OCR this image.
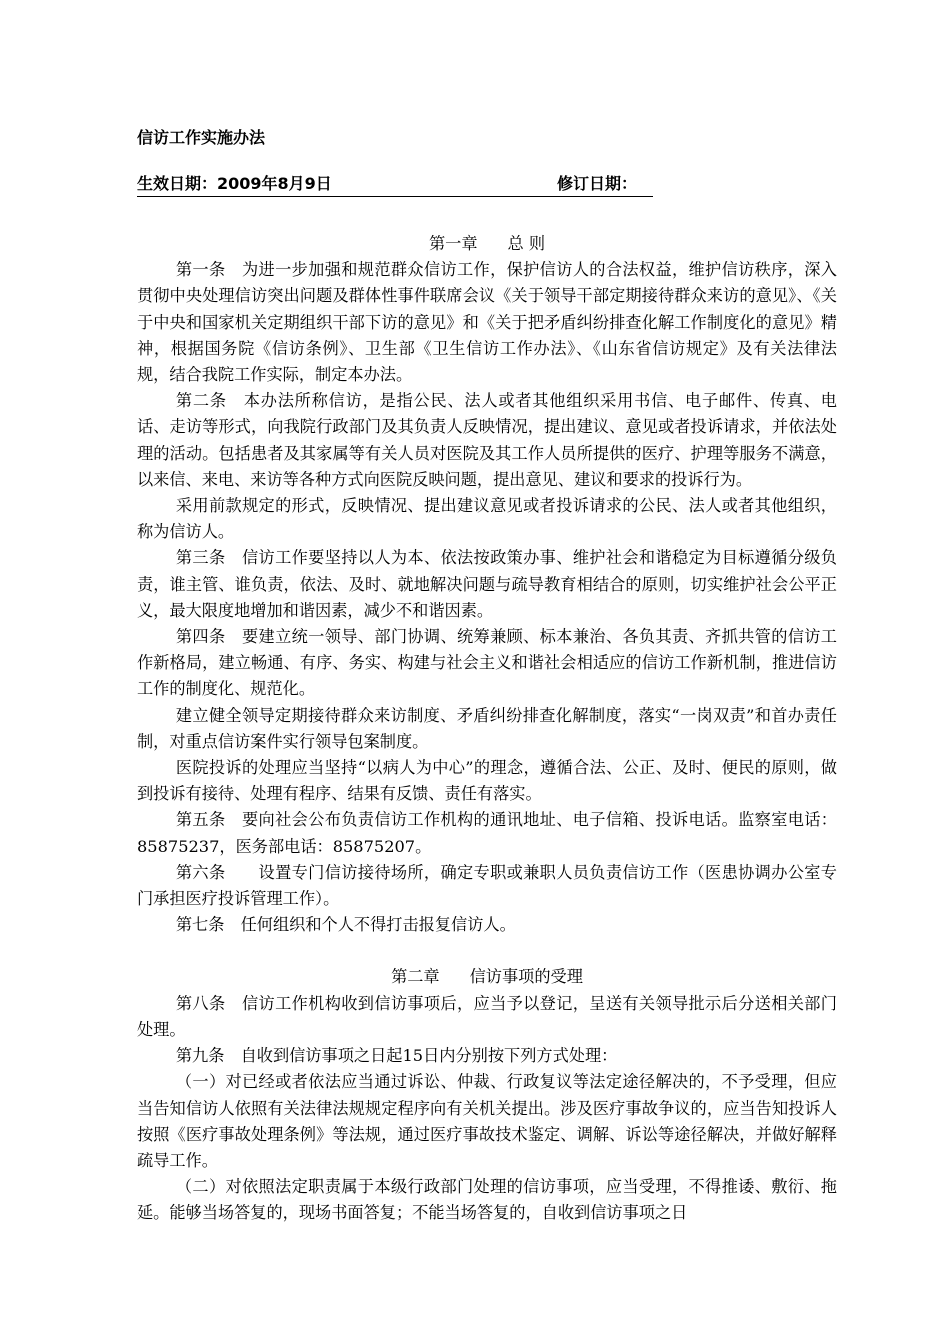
信访工作实施办法
生效日期：2009年8月9日	修订日期：

第一章 总 则

第一条　为进一步加强和规范群众信访工作，保护信访人的合法权益，维护信访秩序，深入贯彻中央处理信访突出问题及群体性事件联席会议《关于领导干部定期接待群众来访的意见》、《关于中央和国家机关定期组织干部下访的意见》和《关于把矛盾纠纷排查化解工作制度化的意见》精神，根据国务院《信访条例》、卫生部《卫生信访工作办法》、《山东省信访规定》及有关法律法规，结合我院工作实际，制定本办法。

第二条　本办法所称信访，是指公民、法人或者其他组织采用书信、电子邮件、传真、电话、走访等形式，向我院行政部门及其负责人反映情况，提出建议、意见或者投诉请求，并依法处理的活动。包括患者及其家属等有关人员对医院及其工作人员所提供的医疗、护理等服务不满意，以来信、来电、来访等各种方式向医院反映问题，提出意见、建议和要求的投诉行为。

采用前款规定的形式，反映情况、提出建议意见或者投诉请求的公民、法人或者其他组织，称为信访人。

第三条　信访工作要坚持以人为本、依法按政策办事、维护社会和谐稳定为目标遵循分级负责，谁主管、谁负责，依法、及时、就地解决问题与疏导教育相结合的原则，切实维护社会公平正义，最大限度地增加和谐因素，减少不和谐因素。

第四条　要建立统一领导、部门协调、统筹兼顾、标本兼治、各负其责、齐抓共管的信访工作新格局，建立畅通、有序、务实、构建与社会主义和谐社会相适应的信访工作新机制，推进信访工作的制度化、规范化。

建立健全领导定期接待群众来访制度、矛盾纠纷排查化解制度，落实“一岗双责”和首办责任制，对重点信访案件实行领导包案制度。

医院投诉的处理应当坚持“以病人为中心”的理念，遵循合法、公正、及时、便民的原则，做到投诉有接待、处理有程序、结果有反馈、责任有落实。

第五条　要向社会公布负责信访工作机构的通讯地址、电子信箱、投诉电话。监察室电话：85875237，医务部电话：85875207。

第六条　　设置专门信访接待场所，确定专职或兼职人员负责信访工作（医患协调办公室专门承担医疗投诉管理工作）。

第七条　任何组织和个人不得打击报复信访人。

第二章 信访事项的受理

第八条　信访工作机构收到信访事项后，应当予以登记，呈送有关领导批示后分送相关部门处理。

第九条　自收到信访事项之日起15日内分别按下列方式处理：

（一）对已经或者依法应当通过诉讼、仲裁、行政复议等法定途径解决的，不予受理，但应当告知信访人依照有关法律法规规定程序向有关机关提出。涉及医疗事故争议的，应当告知投诉人按照《医疗事故处理条例》等法规，通过医疗事故技术鉴定、调解、诉讼等途径解决，并做好解释疏导工作。

（二）对依照法定职责属于本级行政部门处理的信访事项，应当受理，不得推诿、敷衍、拖延。能够当场答复的，现场书面答复；不能当场答复的，自收到信访事项之日
